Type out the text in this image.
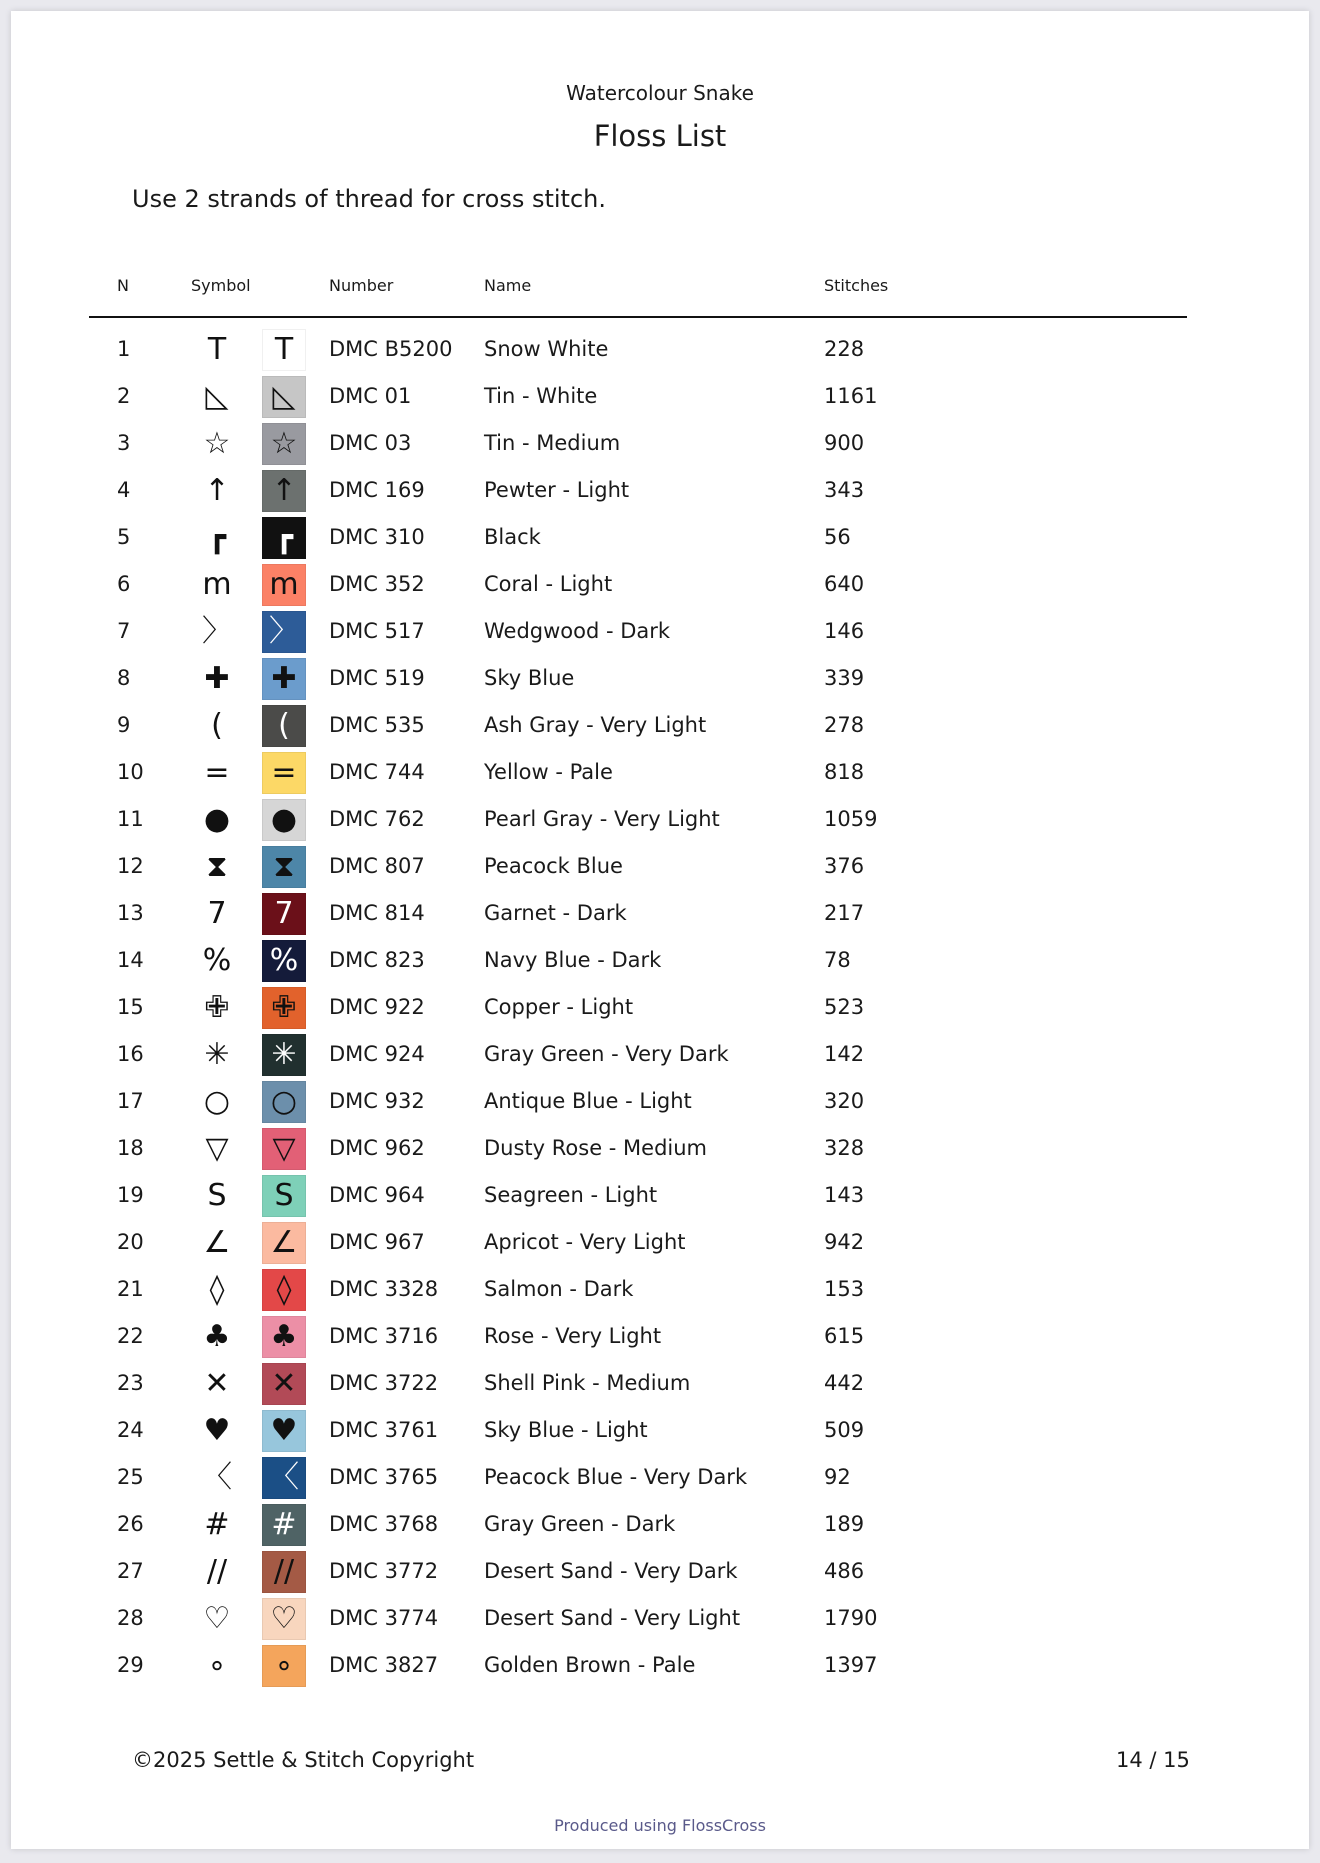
Watercolour Snake
Floss List
Use 2 strands of thread for cross stitch.
N	Symbol	Number	Name	Stitches
1	T	T	DMC B5200 Snow White	228
2	◺	◺	DMC 01	Tin - White	1161
3 ☆ ☆	DMC 03	Tin - Medium	900
4	↑	↑	DMC 169	Pewter - Light	343
5	┏	┏	DMC 310	Black	56
6 m m	DMC 352	Coral - Light	640
7 〉 〉	DMC 517	Wedgwood - Dark	146
8	✚	✚	DMC 519	Sky Blue	339
9	(	(	DMC 535	Ash Gray - Very Light	278
10	=	=	DMC 744	Yellow - Pale	818
11 ● ●	DMC 762	Pearl Gray - Very Light	1059
12	⧗	⧗	DMC 807	Peacock Blue	376
13	7	7	DMC 814	Garnet - Dark	217
14 % %	DMC 823	Navy Blue - Dark	78
15	✙	✙	DMC 922	Copper - Light	523
16	✳	✳	DMC 924	Gray Green - Very Dark	142
17 ○ ○	DMC 932	Antique Blue - Light	320
18	▽	▽	DMC 962	Dusty Rose - Medium	328
19	S	S	DMC 964	Seagreen - Light	143
20 ∠ ∠	DMC 967	Apricot - Very Light	942
21	◊	◊	DMC 3328 Salmon - Dark	153
22 ♣ ♣	DMC 3716 Rose - Very Light	615
23	✕	✕	DMC 3722 Shell Pink - Medium	442
24 ♥ ♥	DMC 3761 Sky Blue - Light	509
25 〈 〈	DMC 3765 Peacock Blue - Very Dark	92
26	#	#	DMC 3768 Gray Green - Dark	189
27	//	//	DMC 3772 Desert Sand - Very Dark	486
28 ♡ ♡	DMC 3774 Desert Sand - Very Light	1790
29	∘	∘	DMC 3827 Golden Brown - Pale	1397
©2025 Settle & Stitch Copyright	14 / 15
Produced using FlossCross
